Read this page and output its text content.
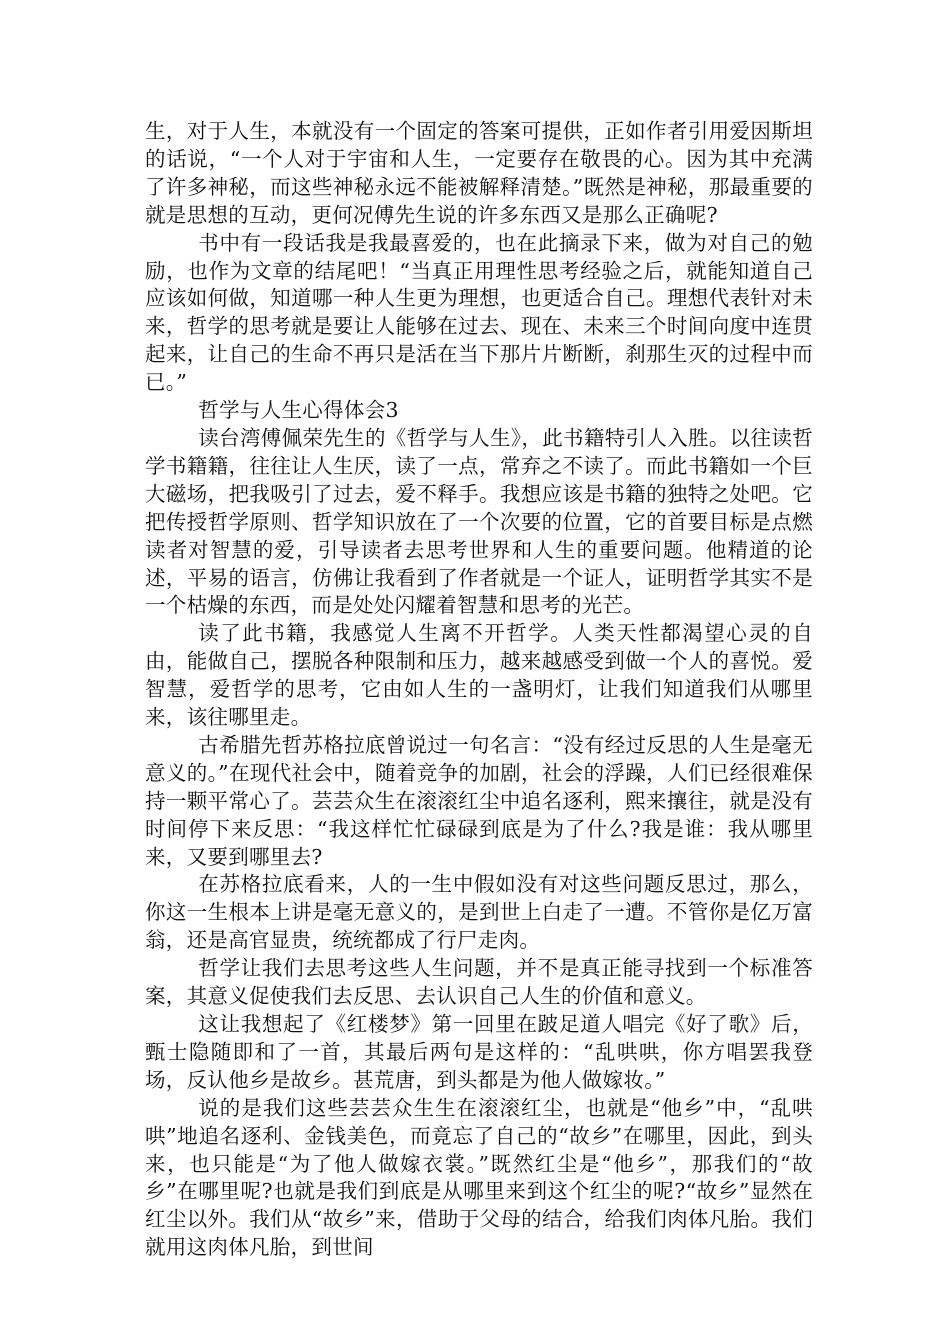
生，对于人生，本就没有一个固定的答案可提供，正如作者引用爱因斯坦的话说，“一个人对于宇宙和人生，一定要存在敬畏的心。因为其中充满了许多神秘，而这些神秘永远不能被解释清楚。”既然是神秘，那最重要的就是思想的互动，更何况傅先生说的许多东西又是那么正确呢?

书中有一段话我是我最喜爱的，也在此摘录下来，做为对自己的勉励，也作为文章的结尾吧！“当真正用理性思考经验之后，就能知道自己应该如何做，知道哪一种人生更为理想，也更适合自己。理想代表针对未来，哲学的思考就是要让人能够在过去、现在、未来三个时间向度中连贯起来，让自己的生命不再只是活在当下那片片断断，刹那生灭的过程中而已。”

哲学与人生心得体会3

读台湾傅佩荣先生的《哲学与人生》，此书籍特引人入胜。以往读哲学书籍籍，往往让人生厌，读了一点，常弃之不读了。而此书籍如一个巨大磁场，把我吸引了过去，爱不释手。我想应该是书籍的独特之处吧。它把传授哲学原则、哲学知识放在了一个次要的位置，它的首要目标是点燃读者对智慧的爱，引导读者去思考世界和人生的重要问题。他精道的论述，平易的语言，仿佛让我看到了作者就是一个证人，证明哲学其实不是一个枯燥的东西，而是处处闪耀着智慧和思考的光芒。

读了此书籍，我感觉人生离不开哲学。人类天性都渴望心灵的自由，能做自己，摆脱各种限制和压力，越来越感受到做一个人的喜悦。爱智慧，爱哲学的思考，它由如人生的一盏明灯，让我们知道我们从哪里来，该往哪里走。

古希腊先哲苏格拉底曾说过一句名言：“没有经过反思的人生是毫无意义的。”在现代社会中，随着竞争的加剧，社会的浮躁，人们已经很难保持一颗平常心了。芸芸众生在滚滚红尘中追名逐利，熙来攘往，就是没有时间停下来反思：“我这样忙忙碌碌到底是为了什么?我是谁：我从哪里来，又要到哪里去?

在苏格拉底看来，人的一生中假如没有对这些问题反思过，那么，你这一生根本上讲是毫无意义的，是到世上白走了一遭。不管你是亿万富翁，还是高官显贵，统统都成了行尸走肉。

哲学让我们去思考这些人生问题，并不是真正能寻找到一个标准答案，其意义促使我们去反思、去认识自己人生的价值和意义。

这让我想起了《红楼梦》第一回里在跛足道人唱完《好了歌》后，甄士隐随即和了一首，其最后两句是这样的：“乱哄哄，你方唱罢我登场，反认他乡是故乡。甚荒唐，到头都是为他人做嫁妆。”

说的是我们这些芸芸众生生在滚滚红尘，也就是“他乡”中，“乱哄哄”地追名逐利、金钱美色，而竟忘了自己的“故乡”在哪里，因此，到头来，也只能是“为了他人做嫁衣裳。”既然红尘是“他乡”，那我们的“故乡”在哪里呢?也就是我们到底是从哪里来到这个红尘的呢?“故乡”显然在红尘以外。我们从“故乡”来，借助于父母的结合，给我们肉体凡胎。我们就用这肉体凡胎，到世间
